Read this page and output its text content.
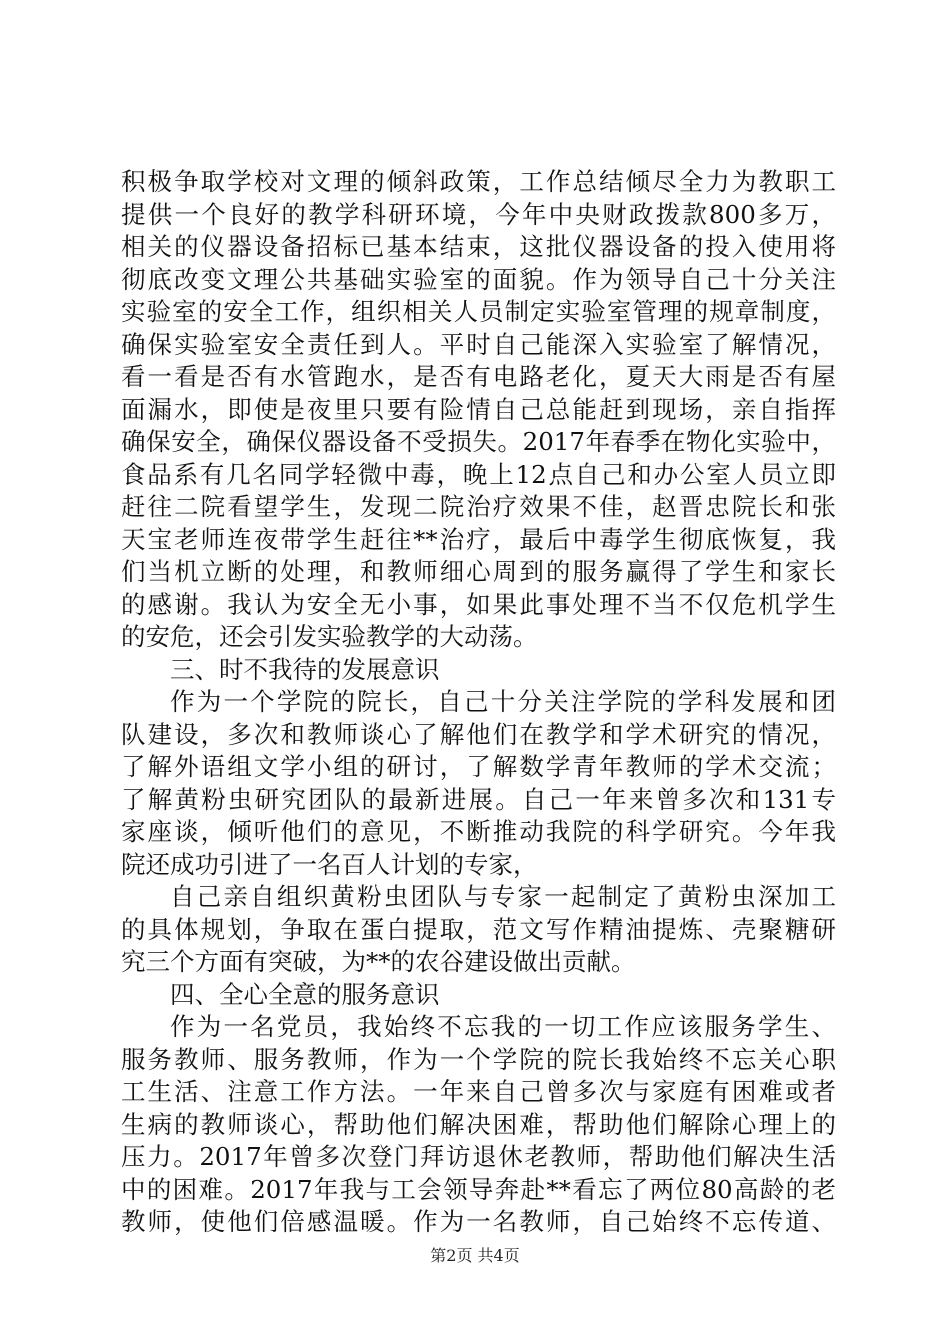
积极争取学校对文理的倾斜政策，工作总结倾尽全力为教职工
提供一个良好的教学科研环境，今年中央财政拨款800多万，
相关的仪器设备招标已基本结束，这批仪器设备的投入使用将
彻底改变文理公共基础实验室的面貌。作为领导自己十分关注
实验室的安全工作，组织相关人员制定实验室管理的规章制度，
确保实验室安全责任到人。平时自己能深入实验室了解情况，
看一看是否有水管跑水，是否有电路老化，夏天大雨是否有屋
面漏水，即使是夜里只要有险情自己总能赶到现场，亲自指挥
确保安全，确保仪器设备不受损失。2017年春季在物化实验中，
食品系有几名同学轻微中毒，晚上12点自己和办公室人员立即
赶往二院看望学生，发现二院治疗效果不佳，赵晋忠院长和张
天宝老师连夜带学生赶往**治疗，最后中毒学生彻底恢复，我
们当机立断的处理，和教师细心周到的服务赢得了学生和家长
的感谢。我认为安全无小事，如果此事处理不当不仅危机学生
的安危，还会引发实验教学的大动荡。
三、时不我待的发展意识
作为一个学院的院长，自己十分关注学院的学科发展和团
队建设，多次和教师谈心了解他们在教学和学术研究的情况，
了解外语组文学小组的研讨，了解数学青年教师的学术交流；
了解黄粉虫研究团队的最新进展。自己一年来曾多次和131专
家座谈，倾听他们的意见，不断推动我院的科学研究。今年我
院还成功引进了一名百人计划的专家，
自己亲自组织黄粉虫团队与专家一起制定了黄粉虫深加工
的具体规划，争取在蛋白提取，范文写作精油提炼、壳聚糖研
究三个方面有突破，为**的农谷建设做出贡献。
四、全心全意的服务意识
作为一名党员，我始终不忘我的一切工作应该服务学生、
服务教师、服务教师，作为一个学院的院长我始终不忘关心职
工生活、注意工作方法。一年来自己曾多次与家庭有困难或者
生病的教师谈心，帮助他们解决困难，帮助他们解除心理上的
压力。2017年曾多次登门拜访退休老教师，帮助他们解决生活
中的困难。2017年我与工会领导奔赴**看忘了两位80高龄的老
教师，使他们倍感温暖。作为一名教师，自己始终不忘传道、
第2页 共4页
